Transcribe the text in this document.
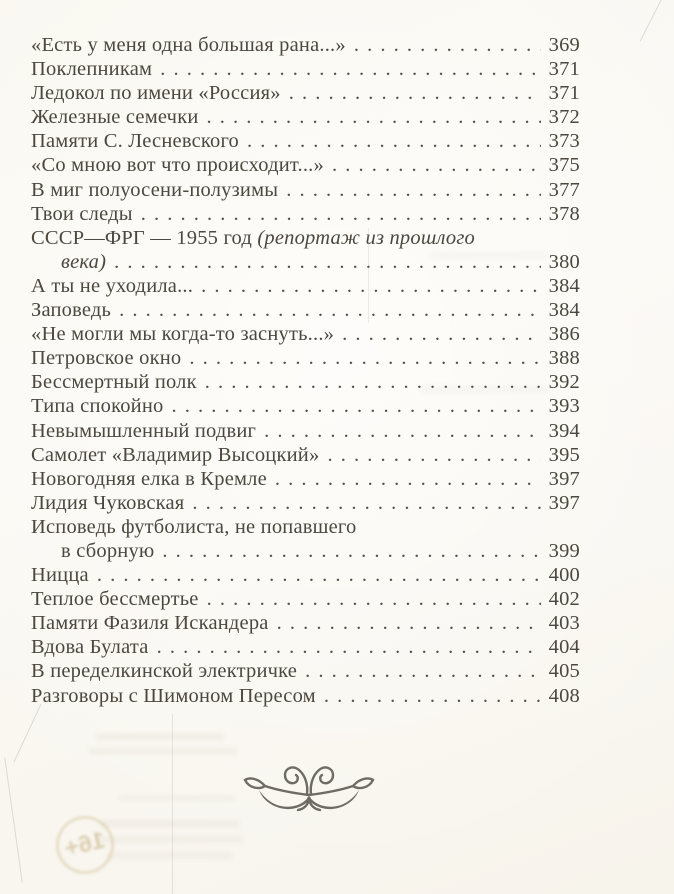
«Есть у меня одна большая рана...» . . .	369
Поклепникам . . .	371
Ледокол по имени «Россия» . . .	371
Железные семечки . . .	372
Памяти С. Лесневского . . .	373
«Со мною вот что происходит...» . . .	375
В миг полуосени-полузимы . . .	377
Твои следы . . .	378
СССР—ФРГ — 1955 год (репортаж из прошлого
века) . . .	380
А ты не уходила... . . .	384
Заповедь . . .	384
«Не могли мы когда-то заснуть...» . . .	386
Петровское окно . . .	388
Бессмертный полк . . .	392
Типа спокойно . . .	393
Невымышленный подвиг . . .	394
Самолет «Владимир Высоцкий» . . .	395
Новогодняя елка в Кремле . . .	397
Лидия Чуковская . . .	397
Исповедь футболиста, не попавшего
в сборную . . .	399
Ницца . . .	400
Теплое бессмертье . . .	402
Памяти Фазиля Искандера . . .	403
Вдова Булата . . .	404
В переделкинской электричке . . .	405
Разговоры с Шимоном Пересом . . .	408
16+
